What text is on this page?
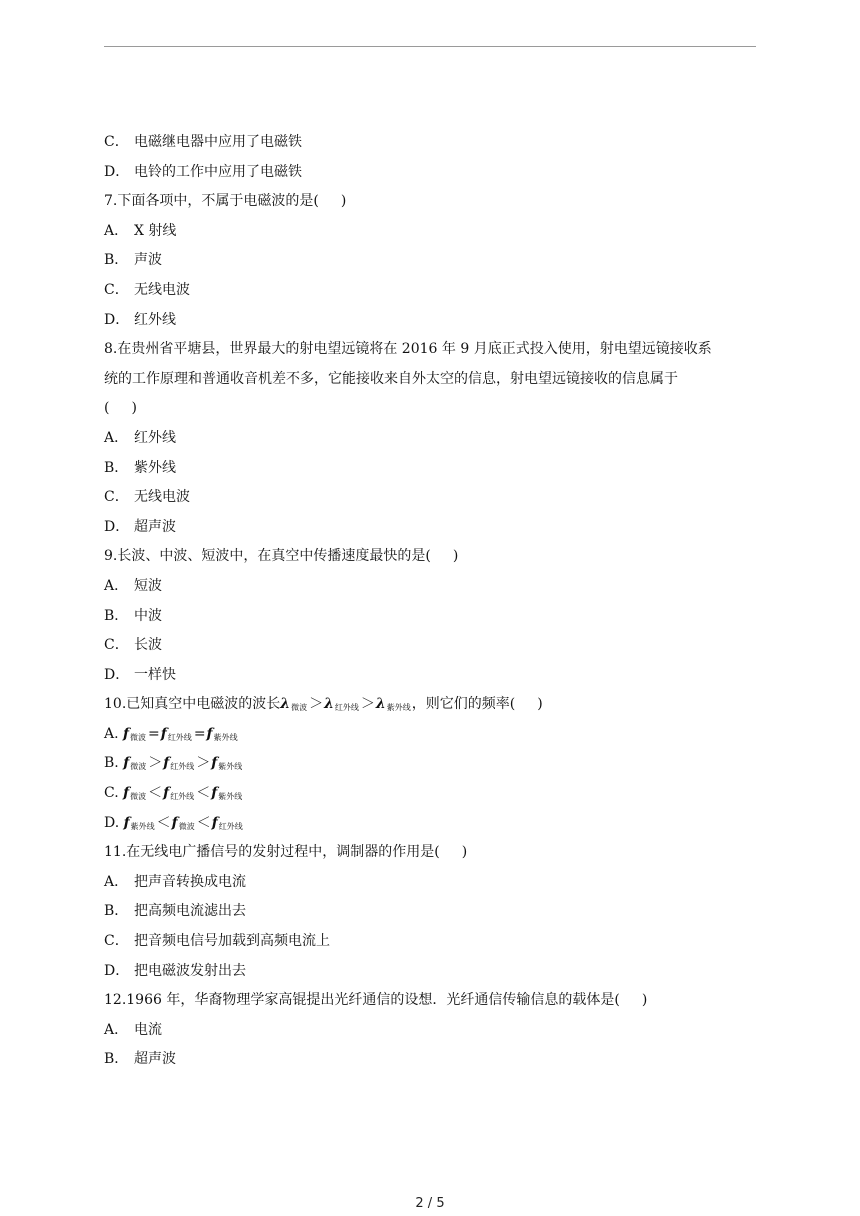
C． 电磁继电器中应用了电磁铁
D． 电铃的工作中应用了电磁铁
7.下面各项中，不属于电磁波的是( )
A． X 射线
B． 声波
C． 无线电波
D． 红外线
8.在贵州省平塘县，世界最大的射电望远镜将在 2016 年 9 月底正式投入使用，射电望远镜接收系
统的工作原理和普通收音机差不多，它能接收来自外太空的信息，射电望远镜接收的信息属于
( )
A． 红外线
B． 紫外线
C． 无线电波
D． 超声波
9.长波、中波、短波中，在真空中传播速度最快的是( )
A． 短波
B． 中波
C． 长波
D． 一样快
10.已知真空中电磁波的波长$\lambda_{微波} >\lambda_{红外线} >\lambda_{紫外线}$，则它们的频率( )
A. $f_{微波} =f_{红外线} =f_{紫外线}$
B. $f_{微波} >f_{红外线} >f_{紫外线}$
C. $f_{微波} <f_{红外线} <f_{紫外线}$
D. $f_{紫外线} <f_{微波} <f_{红外线}$
11.在无线电广播信号的发射过程中，调制器的作用是( )
A． 把声音转换成电流
B． 把高频电流滤出去
C． 把音频电信号加载到高频电流上
D． 把电磁波发射出去
12.1966 年，华裔物理学家高锟提出光纤通信的设想．光纤通信传输信息的载体是( )
A． 电流
B． 超声波
2 / 5
